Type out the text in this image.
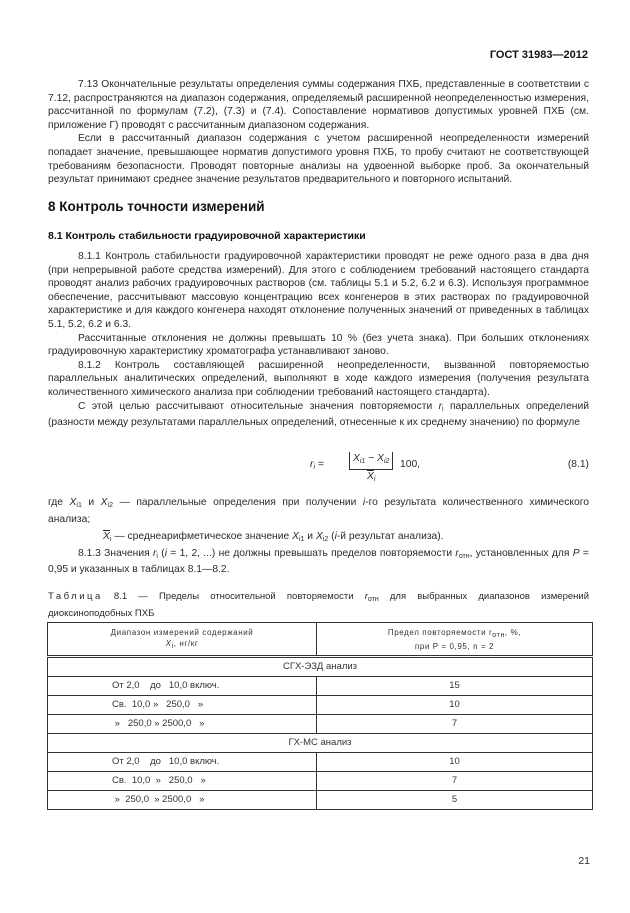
ГОСТ 31983—2012

7.13 Окончательные результаты определения суммы содержания ПХБ, представленные в соответствии с 7.12, распространяются на диапазон содержания, определяемый расширенной неопределенностью измерения, рассчитанной по формулам (7.2), (7.3) и (7.4). Сопоставление нормативов допустимых уровней ПХБ (см. приложение Г) проводят с рассчитанным диапазоном содержания.

Если в рассчитанный диапазон содержания с учетом расширенной неопределенности измерений попадает значение, превышающее норматив допустимого уровня ПХБ, то пробу считают не соответствующей требованиям безопасности. Проводят повторные анализы на удвоенной выборке проб. За окончательный результат принимают среднее значение результатов предварительного и повторного испытаний.

8 Контроль точности измерений
8.1 Контроль стабильности градуировочной характеристики

8.1.1 Контроль стабильности градуировочной характеристики проводят не реже одного раза в два дня (при непрерывной работе средства измерений). Для этого с соблюдением требований настоящего стандарта проводят анализ рабочих градуировочных растворов (см. таблицы 5.1 и 5.2, 6.2 и 6.3). Используя программное обеспечение, рассчитывают массовую концентрацию всех конгенеров в этих растворах по градуировочной характеристике и для каждого конгенера находят отклонение полученных значений от приведенных в таблицах 5.1, 5.2, 6.2 и 6.3.

Рассчитанные отклонения не должны превышать 10 % (без учета знака). При больших отклонениях градуировочную характеристику хроматографа устанавливают заново.

8.1.2 Контроль составляющей расширенной неопределенности, вызванной повторяемостью параллельных аналитических определений, выполняют в ходе каждого измерения (получения результата количественного химического анализа при соблюдении требований настоящего стандарта).

С этой целью рассчитывают относительные значения повторяемости $r_i$ параллельных определений (разности между результатами параллельных определений, отнесенные к их среднему значению) по формуле

$r_i = \frac{X_{i1} - X_{i2}}{\overline{X}_i} 100$,	(8.1)

где $X_{i1}$ и $X_{i2}$ — параллельные определения при получении i-го результата количественного химического анализа;

$\overline{X}_i$ — среднеарифметическое значение $X_{i1}$ и $X_{i2}$ (i-й результат анализа).

8.1.3 Значения $r_i$ (i = 1, 2, ...) не должны превышать пределов повторяемости $r_{отн}$, установленных для P = 0,95 и указанных в таблицах 8.1—8.2.

Таблица 8.1 — Пределы относительной повторяемости $r_{отн}$ для выбранных диапазонов измерений диоксиноподобных ПХБ

Диапазон измерений содержаний
$X_i$, нг/кг	Предел повторяемости $r_{отн}$, %,
при P = 0,95, n = 2
СГХ-ЭЗД анализ	
От 2,0    до   10,0 включ.	15
Св.  10,0 »   250,0   »	10
»   250,0 » 2500,0   »	7
ГХ-МС анализ	
От 2,0    до   10,0 включ.	10
Св.  10,0  »   250,0   »	7
»  250,0  » 2500,0   »	5
21
